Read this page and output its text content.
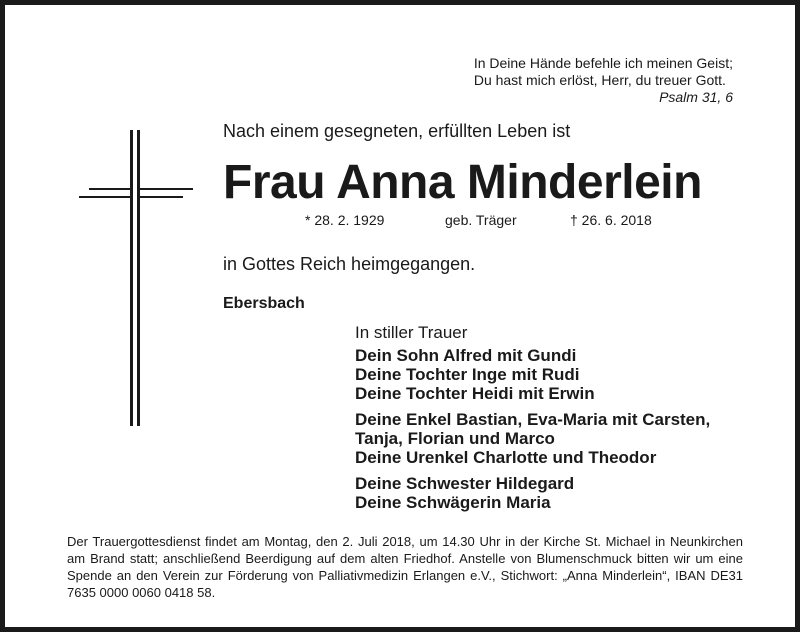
In Deine Hände befehle ich meinen Geist;
Du hast mich erlöst, Herr, du treuer Gott.
Psalm 31, 6
Nach einem gesegneten, erfüllten Leben ist
Frau Anna Minderlein
* 28. 2. 1929	geb. Träger	† 26. 6. 2018
in Gottes Reich heimgegangen.
Ebersbach
In stiller Trauer
Dein Sohn Alfred mit Gundi
Deine Tochter Inge mit Rudi
Deine Tochter Heidi mit Erwin
Deine Enkel Bastian, Eva-Maria mit Carsten,
Tanja, Florian und Marco
Deine Urenkel Charlotte und Theodor
Deine Schwester Hildegard
Deine Schwägerin Maria
Der Trauergottesdienst findet am Montag, den 2. Juli 2018, um 14.30 Uhr in der Kirche St. Michael in Neunkirchen am Brand statt; anschließend Beerdigung auf dem alten Friedhof. Anstelle von Blumenschmuck bitten wir um eine Spende an den Verein zur Förderung von Palliativmedizin Erlangen e.V., Stichwort: „Anna Minderlein“, IBAN DE31 7635 0000 0060 0418 58.
